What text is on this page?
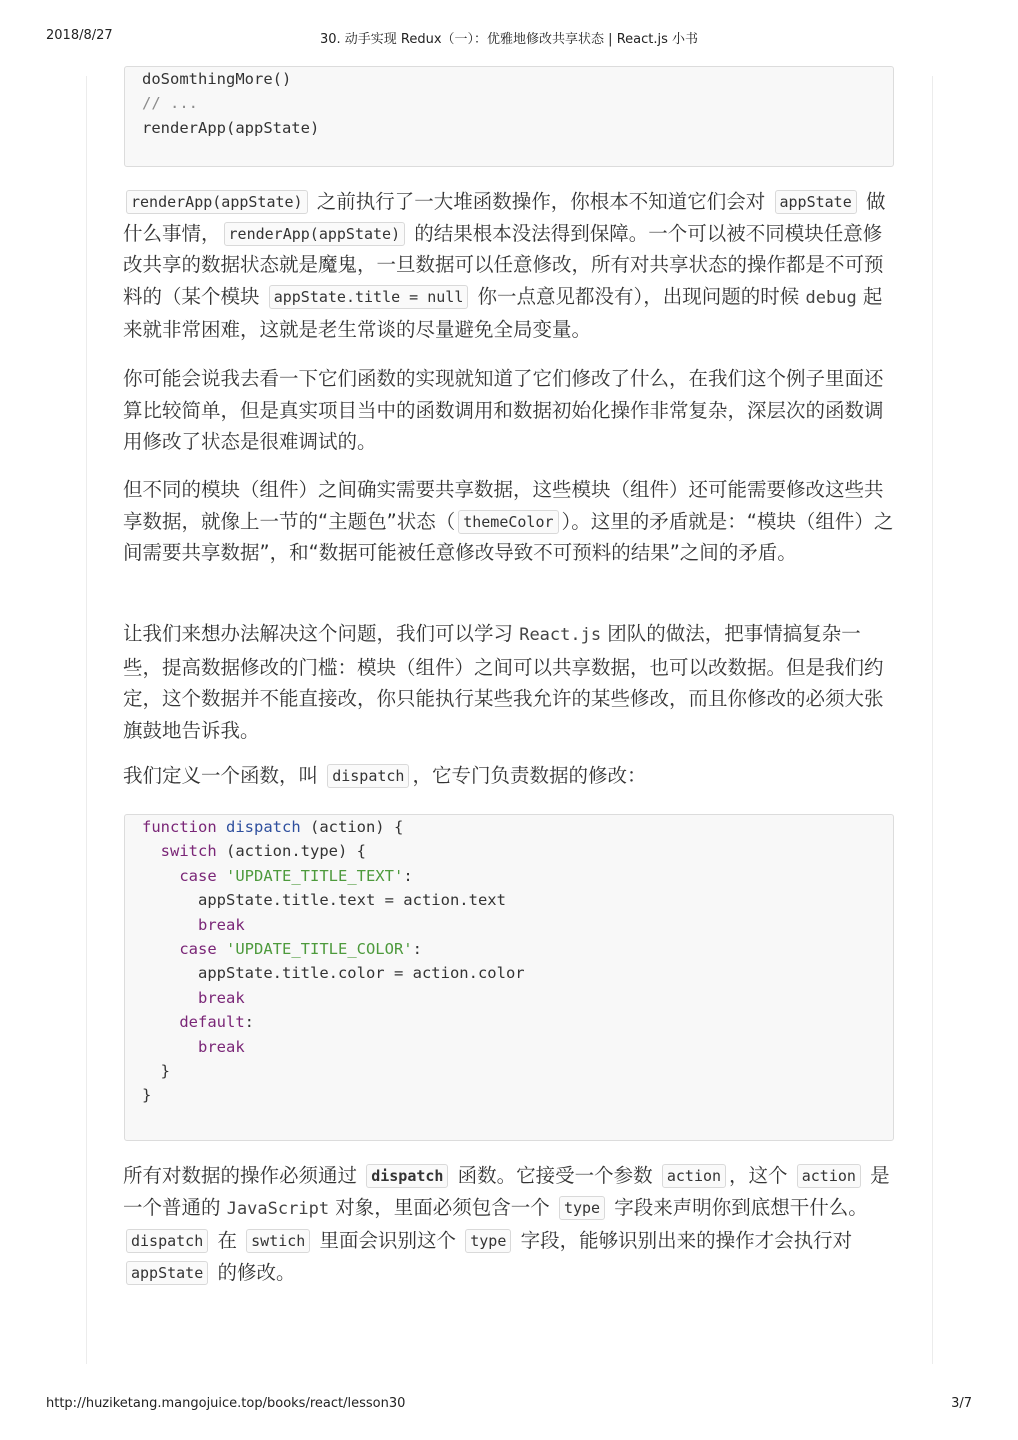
2018/8/27	30. 动手实现 Redux（一）：优雅地修改共享状态 | React.js 小书
doSomthingMore()
// ...
renderApp(appState)

renderApp(appState) 之前执行了一大堆函数操作，你根本不知道它们会对 appState 做什么事情， renderApp(appState) 的结果根本没法得到保障。一个可以被不同模块任意修改共享的数据状态就是魔鬼，一旦数据可以任意修改，所有对共享状态的操作都是不可预料的（某个模块 appState.title = null 你一点意见都没有），出现问题的时候 debug 起来就非常困难，这就是老生常谈的尽量避免全局变量。

你可能会说我去看一下它们函数的实现就知道了它们修改了什么，在我们这个例子里面还算比较简单，但是真实项目当中的函数调用和数据初始化操作非常复杂，深层次的函数调用修改了状态是很难调试的。

但不同的模块（组件）之间确实需要共享数据，这些模块（组件）还可能需要修改这些共享数据，就像上一节的“主题色”状态（ themeColor ）。这里的矛盾就是：“模块（组件）之间需要共享数据”，和“数据可能被任意修改导致不可预料的结果”之间的矛盾。

让我们来想办法解决这个问题，我们可以学习 React.js 团队的做法，把事情搞复杂一些，提高数据修改的门槛：模块（组件）之间可以共享数据，也可以改数据。但是我们约定，这个数据并不能直接改，你只能执行某些我允许的某些修改，而且你修改的必须大张旗鼓地告诉我。

我们定义一个函数，叫 dispatch ，它专门负责数据的修改：

function dispatch (action) {
switch (action.type) {
case 'UPDATE_TITLE_TEXT':
appState.title.text = action.text
break
case 'UPDATE_TITLE_COLOR':
appState.title.color = action.color
break
default:
break
}
}

所有对数据的操作必须通过 dispatch 函数。它接受一个参数 action ，这个 action 是一个普通的 JavaScript 对象，里面必须包含一个 type 字段来声明你到底想干什么。dispatch 在 swtich 里面会识别这个 type 字段，能够识别出来的操作才会执行对 appState 的修改。

http://huziketang.mangojuice.top/books/react/lesson30	3/7
